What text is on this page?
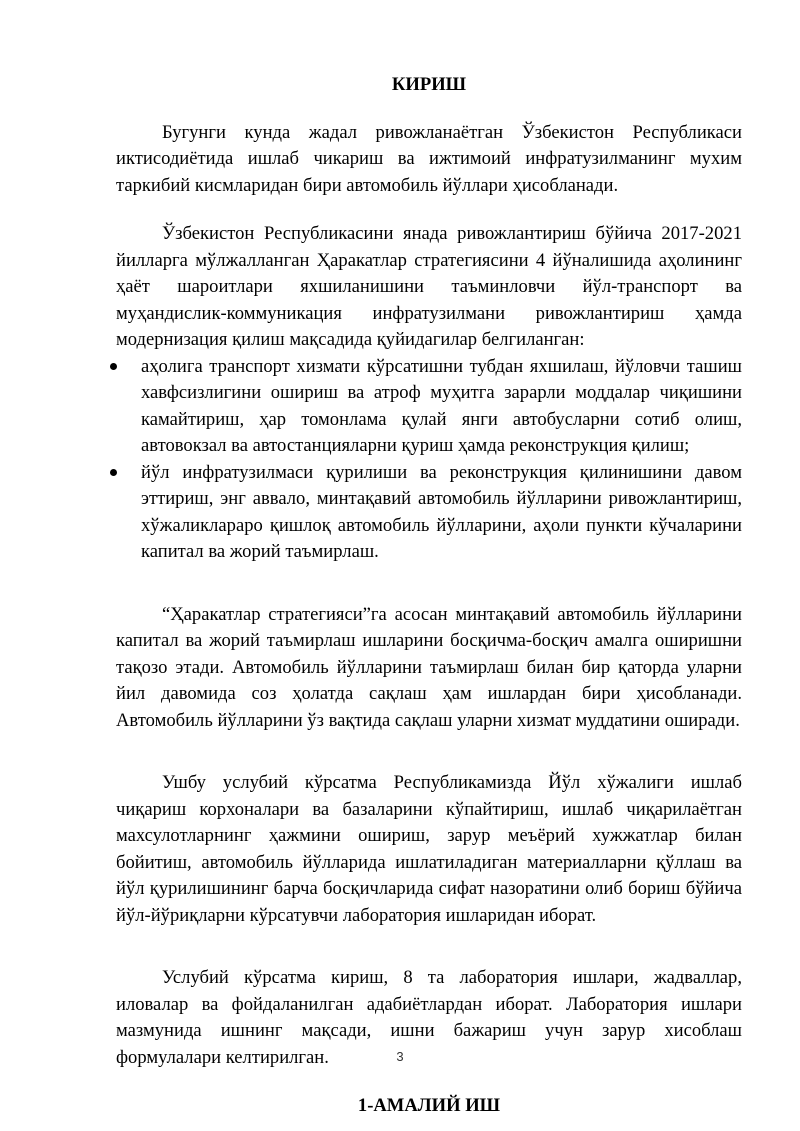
КИРИШ

Бугунги кунда жадал ривожланаётган Ўзбекистон Республикаси иктисодиётида ишлаб чикариш ва ижтимоий инфратузилманинг мухим таркибий кисмларидан бири автомобиль йўллари ҳисобланади.

Ўзбекистон Республикасини янада ривожлантириш бўйича 2017-2021 йилларга мўлжалланган Ҳаракатлар стратегиясини 4 йўналишида аҳолининг ҳаёт шароитлари яхшиланишини таъминловчи йўл-транспорт ва муҳандислик-коммуникация инфратузилмани ривожлантириш ҳамда модернизация қилиш мақсадида қуйидагилар белгиланган:

аҳолига транспорт хизмати кўрсатишни тубдан яхшилаш, йўловчи ташиш хавфсизлигини ошириш ва атроф муҳитга зарарли моддалар чиқишини камайтириш, ҳар томонлама қулай янги автобусларни сотиб олиш, автовокзал ва автостанцияларни қуриш ҳамда реконструкция қилиш;
йўл инфратузилмаси қурилиши ва реконструкция қилинишини давом эттириш, энг аввало, минтақавий автомобиль йўлларини ривожлантириш, хўжаликлараро қишлоқ автомобиль йўлларини, аҳоли пункти кўчаларини капитал ва жорий таъмирлаш.

“Ҳаракатлар стратегияси”га асосан минтақавий автомобиль йўлларини капитал ва жорий таъмирлаш ишларини босқичма-босқич амалга оширишни тақозо этади. Автомобиль йўлларини таъмирлаш билан бир қаторда уларни йил давомида соз ҳолатда сақлаш ҳам ишлардан бири ҳисобланади. Автомобиль йўлларини ўз вақтида сақлаш уларни хизмат муддатини оширади.

Ушбу услубий кўрсатма Республикамизда Йўл хўжалиги ишлаб чиқариш корхоналари ва базаларини кўпайтириш, ишлаб чиқарилаётган махсулотларнинг ҳажмини ошириш, зарур меъёрий хужжатлар билан бойитиш, автомобиль йўлларида ишлатиладиган материалларни қўллаш ва йўл қурилишининг барча босқичларида сифат назоратини олиб бориш бўйича йўл-йўриқларни кўрсатувчи лаборатория ишларидан иборат.

Услубий кўрсатма кириш, 8 та лаборатория ишлари, жадваллар, иловалар ва фойдаланилган адабиётлардан иборат. Лаборатория ишлари мазмунида ишнинг мақсади, ишни бажариш учун зарур хисоблаш формулалари келтирилган.

1-АМАЛИЙ ИШ

3
